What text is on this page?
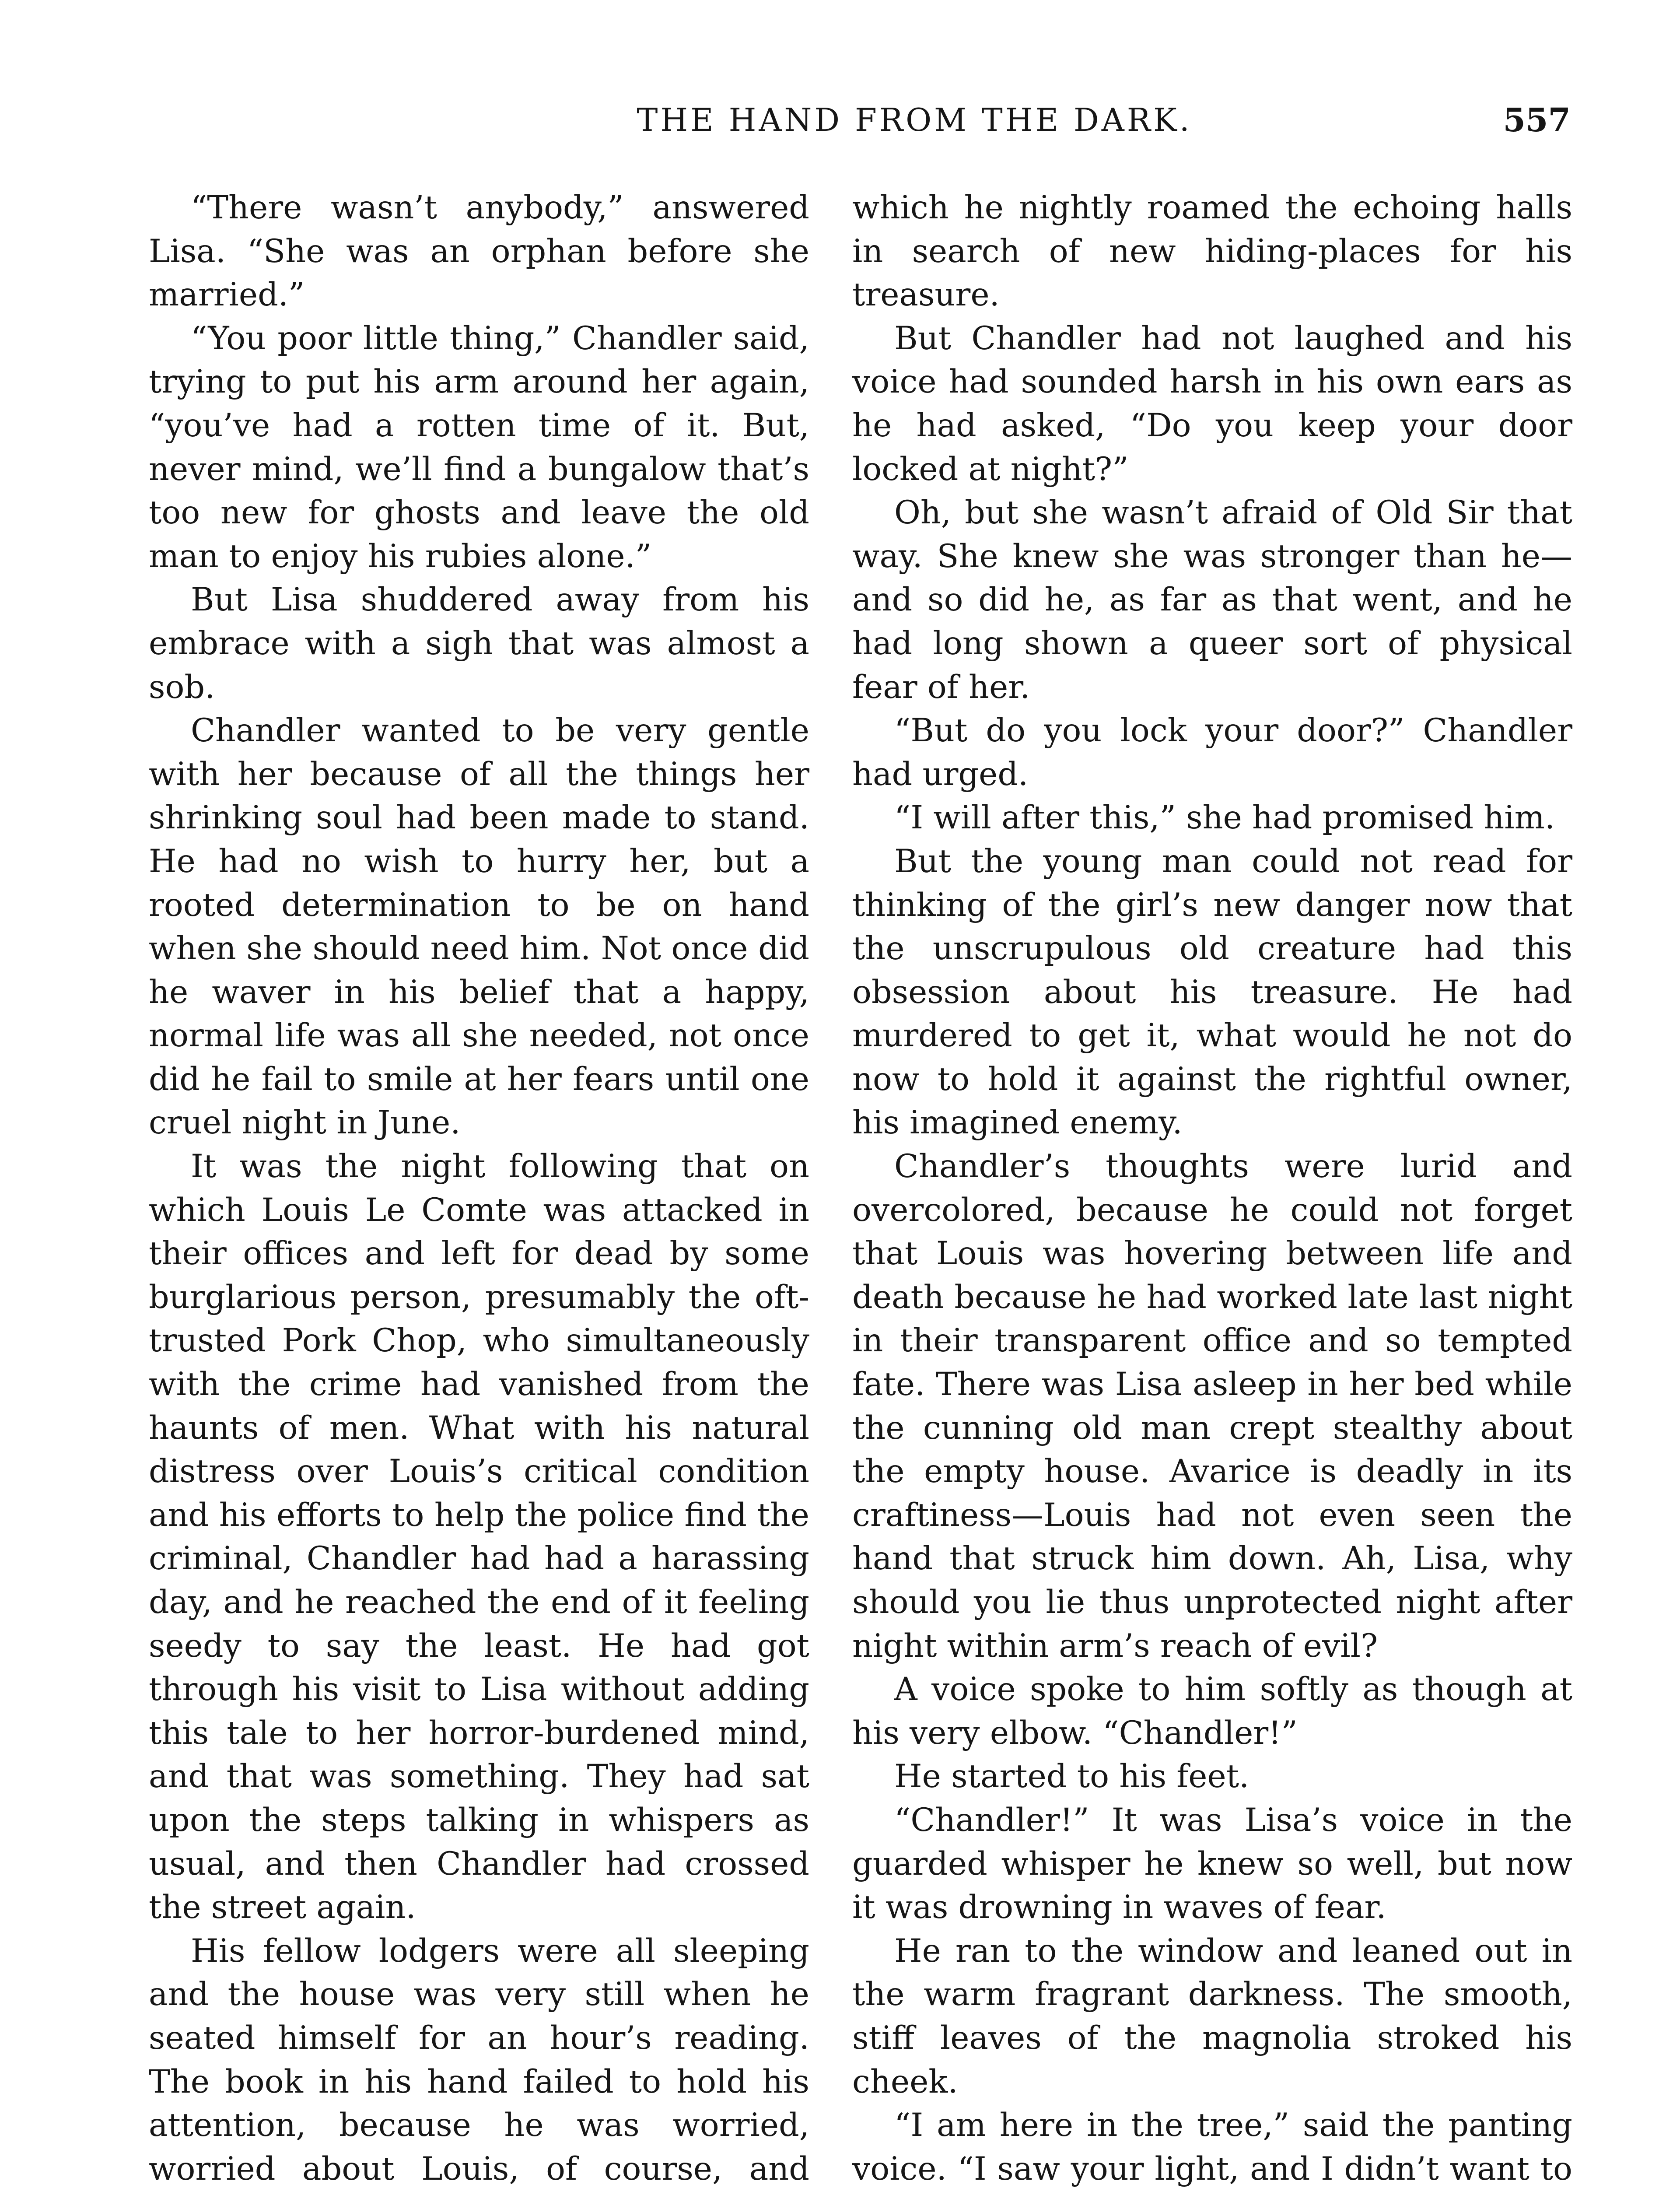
THE HAND FROM THE DARK.	557

“There wasn’t anybody,” answered Lisa. “She was an orphan before she married.”

“You poor little thing,” Chandler said, trying to put his arm around her again, “you’ve had a rotten time of it. But, never mind, we’ll find a bungalow that’s too new for ghosts and leave the old man to enjoy his rubies alone.”

But Lisa shuddered away from his embrace with a sigh that was almost a sob.

Chandler wanted to be very gentle with her because of all the things her shrinking soul had been made to stand. He had no wish to hurry her, but a rooted determination to be on hand when she should need him. Not once did he waver in his belief that a happy, normal life was all she needed, not once did he fail to smile at her fears until one cruel night in June.

It was the night following that on which Louis Le Comte was attacked in their offices and left for dead by some burglarious person, presumably the oft-trusted Pork Chop, who simultaneously with the crime had vanished from the haunts of men. What with his natural distress over Louis’s critical condition and his efforts to help the police find the criminal, Chandler had had a harassing day, and he reached the end of it feeling seedy to say the least. He had got through his visit to Lisa without adding this tale to her horror-burdened mind, and that was something. They had sat upon the steps talking in whispers as usual, and then Chandler had crossed the street again.

His fellow lodgers were all sleeping and the house was very still when he seated himself for an hour’s reading. The book in his hand failed to hold his attention, because he was worried, worried about Louis, of course, and

which he nightly roamed the echoing halls in search of new hiding-places for his treasure.

But Chandler had not laughed and his voice had sounded harsh in his own ears as he had asked, “Do you keep your door locked at night?”

Oh, but she wasn’t afraid of Old Sir that way. She knew she was stronger than he—and so did he, as far as that went, and he had long shown a queer sort of physical fear of her.

“But do you lock your door?” Chandler had urged.

“I will after this,” she had promised him.

But the young man could not read for thinking of the girl’s new danger now that the unscrupulous old creature had this obsession about his treasure. He had murdered to get it, what would he not do now to hold it against the rightful owner, his imagined enemy.

Chandler’s thoughts were lurid and overcolored, because he could not forget that Louis was hovering between life and death because he had worked late last night in their transparent office and so tempted fate. There was Lisa asleep in her bed while the cunning old man crept stealthy about the empty house. Avarice is deadly in its craftiness—Louis had not even seen the hand that struck him down. Ah, Lisa, why should you lie thus unprotected night after night within arm’s reach of evil?

A voice spoke to him softly as though at his very elbow. “Chandler!”

He started to his feet.

“Chandler!” It was Lisa’s voice in the guarded whisper he knew so well, but now it was drowning in waves of fear.

He ran to the window and leaned out in the warm fragrant darkness. The smooth, stiff leaves of the magnolia stroked his cheek.

“I am here in the tree,” said the panting voice. “I saw your light, and I didn’t want to
